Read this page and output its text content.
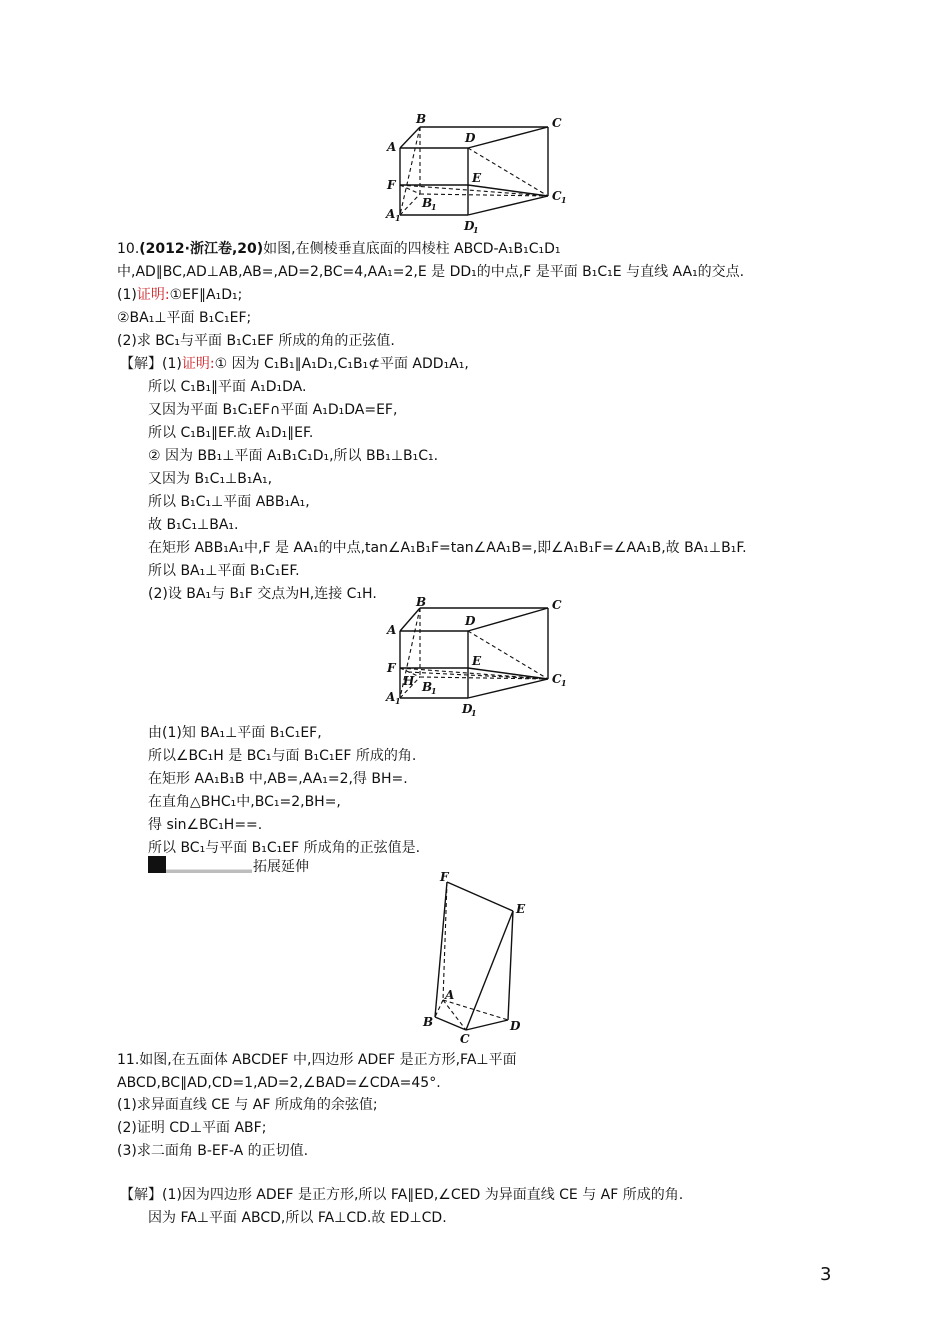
B
D
C
A
F	E
C 1
A 1
B
1
D
1
10.(2012·浙江卷,20)如图,在侧棱垂直底面的四棱柱 ABCD-A₁B₁C₁D₁
中,AD∥BC,AD⊥AB,AB=,AD=2,BC=4,AA₁=2,E 是 DD₁的中点,F 是平面 B₁C₁E 与直线 AA₁的交点.
(1)证明:①EF∥A₁D₁;
②BA₁⊥平面 B₁C₁EF;
(2)求 BC₁与平面 B₁C₁EF 所成的角的正弦值.
【解】(1)证明:① 因为 C₁B₁∥A₁D₁,C₁B₁⊄平面 ADD₁A₁,
所以 C₁B₁∥平面 A₁D₁DA.
又因为平面 B₁C₁EF∩平面 A₁D₁DA=EF,
所以 C₁B₁∥EF.故 A₁D₁∥EF.
② 因为 BB₁⊥平面 A₁B₁C₁D₁,所以 BB₁⊥B₁C₁.
又因为 B₁C₁⊥B₁A₁,
所以 B₁C₁⊥平面 ABB₁A₁,
故 B₁C₁⊥BA₁.
在矩形 ABB₁A₁中,F 是 AA₁的中点,tan∠A₁B₁F=tan∠AA₁B=,即∠A₁B₁F=∠AA₁B,故 BA₁⊥B₁F.
所以 BA₁⊥平面 B₁C₁EF.
(2)设 BA₁与 B₁F 交点为H,连接 C₁H.	B
D
C
A
F	E
H	C 1
A 1
B
1
D
1
由(1)知 BA₁⊥平面 B₁C₁EF,
所以∠BC₁H 是 BC₁与面 B₁C₁EF 所成的角.
在矩形 AA₁B₁B 中,AB=,AA₁=2,得 BH=.
在直角△BHC₁中,BC₁=2,BH=,
得 sin∠BC₁H==.
所以 BC₁与平面 B₁C₁EF 所成角的正弦值是.
拓展延伸
F
E
A
B
C
D
11.如图,在五面体 ABCDEF 中,四边形 ADEF 是正方形,FA⊥平面
ABCD,BC∥AD,CD=1,AD=2,∠BAD=∠CDA=45°.
(1)求异面直线 CE 与 AF 所成角的余弦值;
(2)证明 CD⊥平面 ABF;
(3)求二面角 B-EF-A 的正切值.
【解】(1)因为四边形 ADEF 是正方形,所以 FA∥ED,∠CED 为异面直线 CE 与 AF 所成的角.
因为 FA⊥平面 ABCD,所以 FA⊥CD.故 ED⊥CD.
3
